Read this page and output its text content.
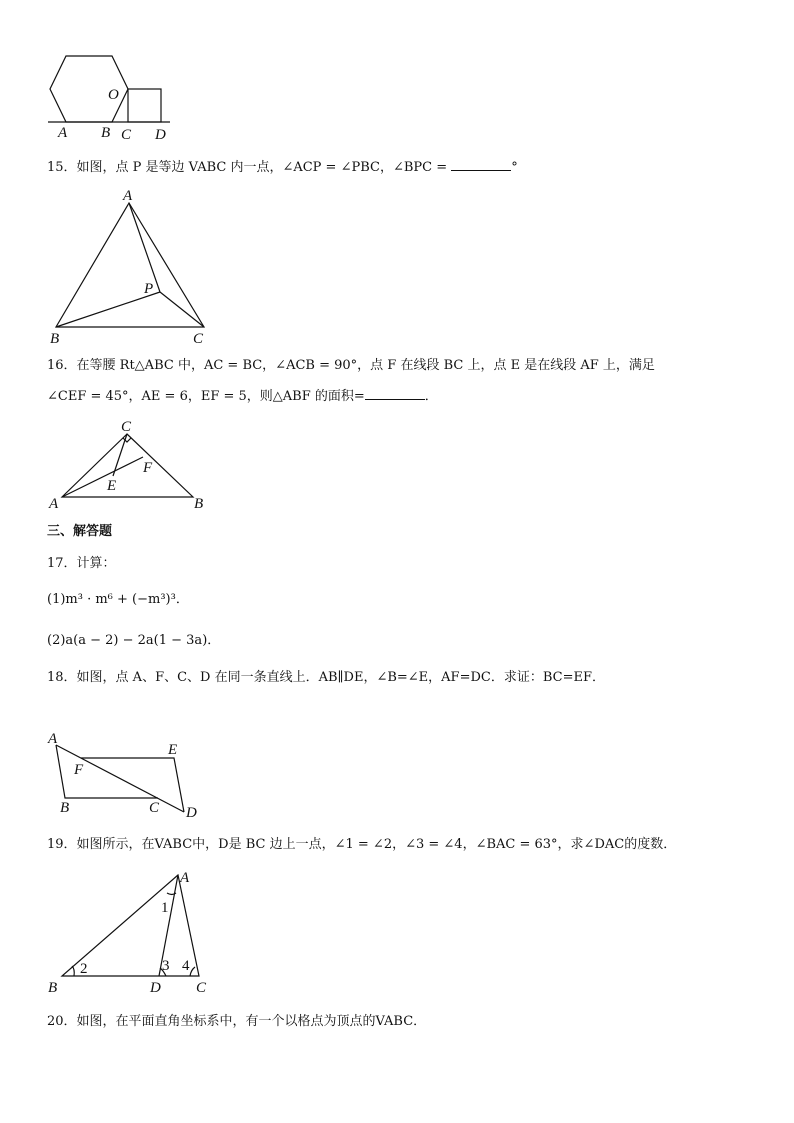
O
A B C D
15．如图，点 P 是等边 VABC 内一点，∠ACP = ∠PBC，∠BPC =	°
A
P
B	C
16．在等腰 Rt△ABC 中，AC = BC，∠ACB = 90°，点 F 在线段 BC 上，点 E 是在线段 AF 上，满足
∠CEF = 45°，AE = 6，EF = 5，则△ABF 的面积=	．
C
F
E
A	B
三、解答题
17．计算：
(1)m³ · m⁶ + (−m³)³．
(2)a(a − 2) − 2a(1 − 3a)．
18．如图，点 A、F、C、D 在同一条直线上．AB∥DE，∠B=∠E，AF=DC．求证：BC=EF．
A
E
F
B	C D
19．如图所示，在VABC中，D是 BC 边上一点，∠1 = ∠2，∠3 = ∠4，∠BAC = 63°，求∠DAC的度数．
A
1
2	3 4
B	D C
20．如图，在平面直角坐标系中，有一个以格点为顶点的VABC．
